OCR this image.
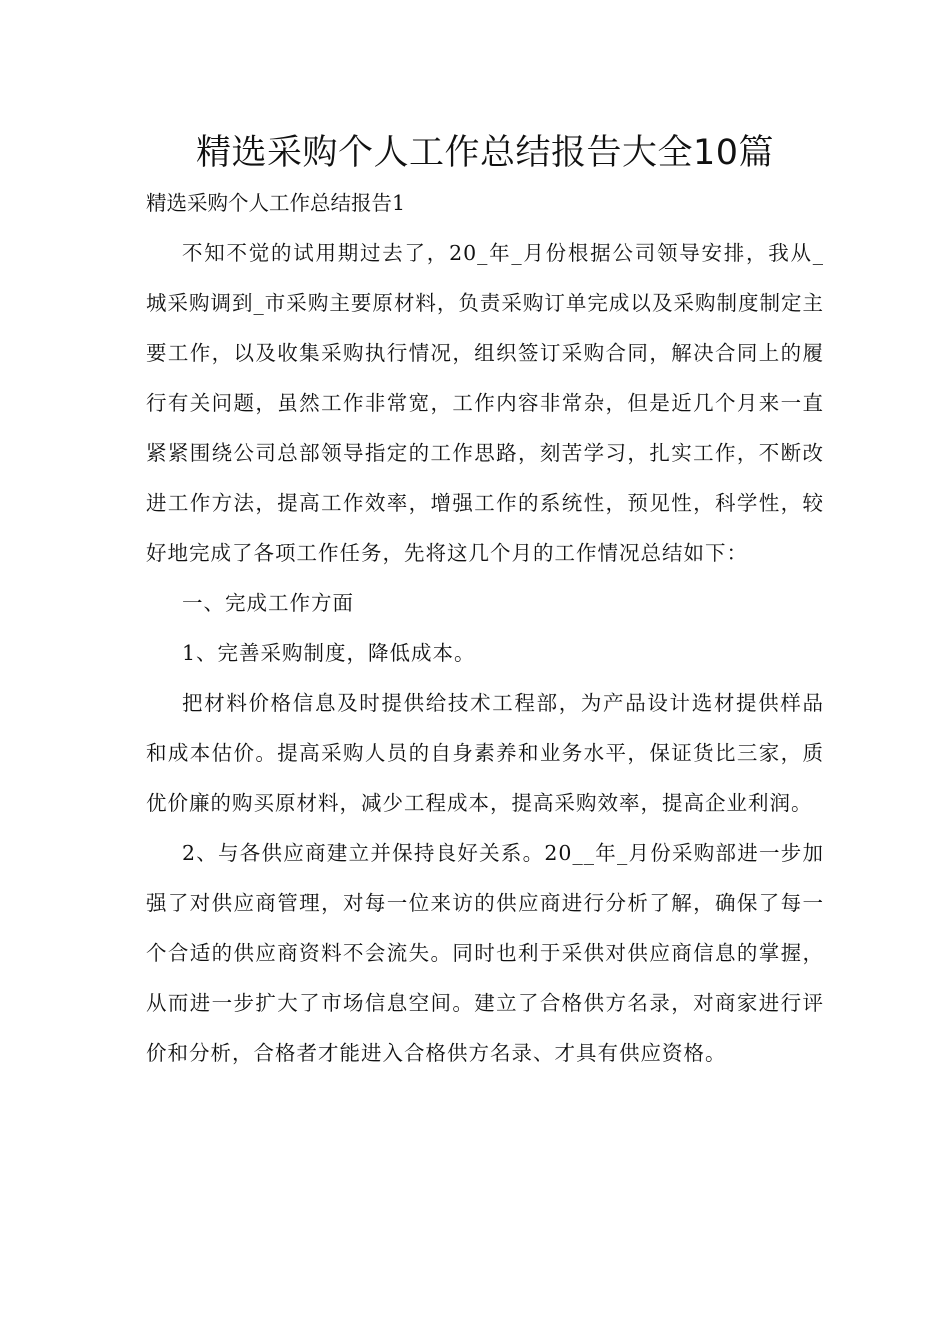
精选采购个人工作总结报告大全10篇

精选采购个人工作总结报告1

不知不觉的试用期过去了，20_年_月份根据公司领导安排，我从_城采购调到_市采购主要原材料，负责采购订单完成以及采购制度制定主要工作，以及收集采购执行情况，组织签订采购合同，解决合同上的履行有关问题，虽然工作非常宽，工作内容非常杂，但是近几个月来一直紧紧围绕公司总部领导指定的工作思路，刻苦学习，扎实工作，不断改进工作方法，提高工作效率，增强工作的系统性，预见性，科学性，较好地完成了各项工作任务，先将这几个月的工作情况总结如下：

一、完成工作方面

1、完善采购制度，降低成本。

把材料价格信息及时提供给技术工程部，为产品设计选材提供样品和成本估价。提高采购人员的自身素养和业务水平，保证货比三家，质优价廉的购买原材料，减少工程成本，提高采购效率，提高企业利润。

2、与各供应商建立并保持良好关系。20__年_月份采购部进一步加强了对供应商管理，对每一位来访的供应商进行分析了解，确保了每一个合适的供应商资料不会流失。同时也利于采供对供应商信息的掌握，从而进一步扩大了市场信息空间。建立了合格供方名录，对商家进行评价和分析，合格者才能进入合格供方名录、才具有供应资格。
